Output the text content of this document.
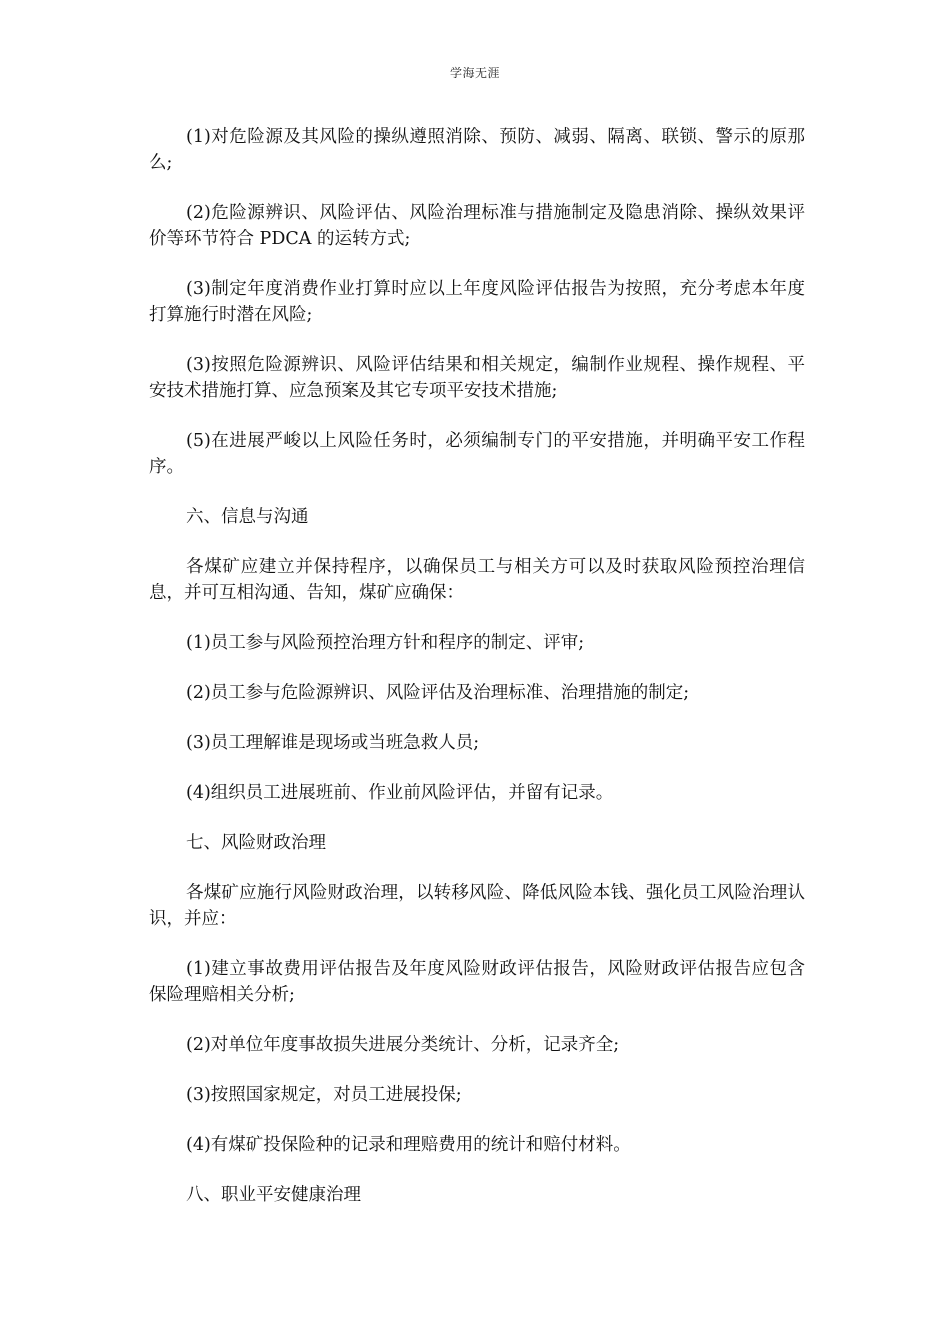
学海无涯

(1)对危险源及其风险的操纵遵照消除、预防、减弱、隔离、联锁、警示的原那么;

(2)危险源辨识、风险评估、风险治理标准与措施制定及隐患消除、操纵效果评价等环节符合 PDCA 的运转方式;

(3)制定年度消费作业打算时应以上年度风险评估报告为按照，充分考虑本年度打算施行时潜在风险;

(3)按照危险源辨识、风险评估结果和相关规定，编制作业规程、操作规程、平安技术措施打算、应急预案及其它专项平安技术措施;

(5)在进展严峻以上风险任务时，必须编制专门的平安措施，并明确平安工作程序。

六、信息与沟通

各煤矿应建立并保持程序，以确保员工与相关方可以及时获取风险预控治理信息，并可互相沟通、告知，煤矿应确保：

(1)员工参与风险预控治理方针和程序的制定、评审;

(2)员工参与危险源辨识、风险评估及治理标准、治理措施的制定;

(3)员工理解谁是现场或当班急救人员;

(4)组织员工进展班前、作业前风险评估，并留有记录。

七、风险财政治理

各煤矿应施行风险财政治理，以转移风险、降低风险本钱、强化员工风险治理认识，并应：

(1)建立事故费用评估报告及年度风险财政评估报告，风险财政评估报告应包含保险理赔相关分析;

(2)对单位年度事故损失进展分类统计、分析，记录齐全;

(3)按照国家规定，对员工进展投保;

(4)有煤矿投保险种的记录和理赔费用的统计和赔付材料。

八、职业平安健康治理
